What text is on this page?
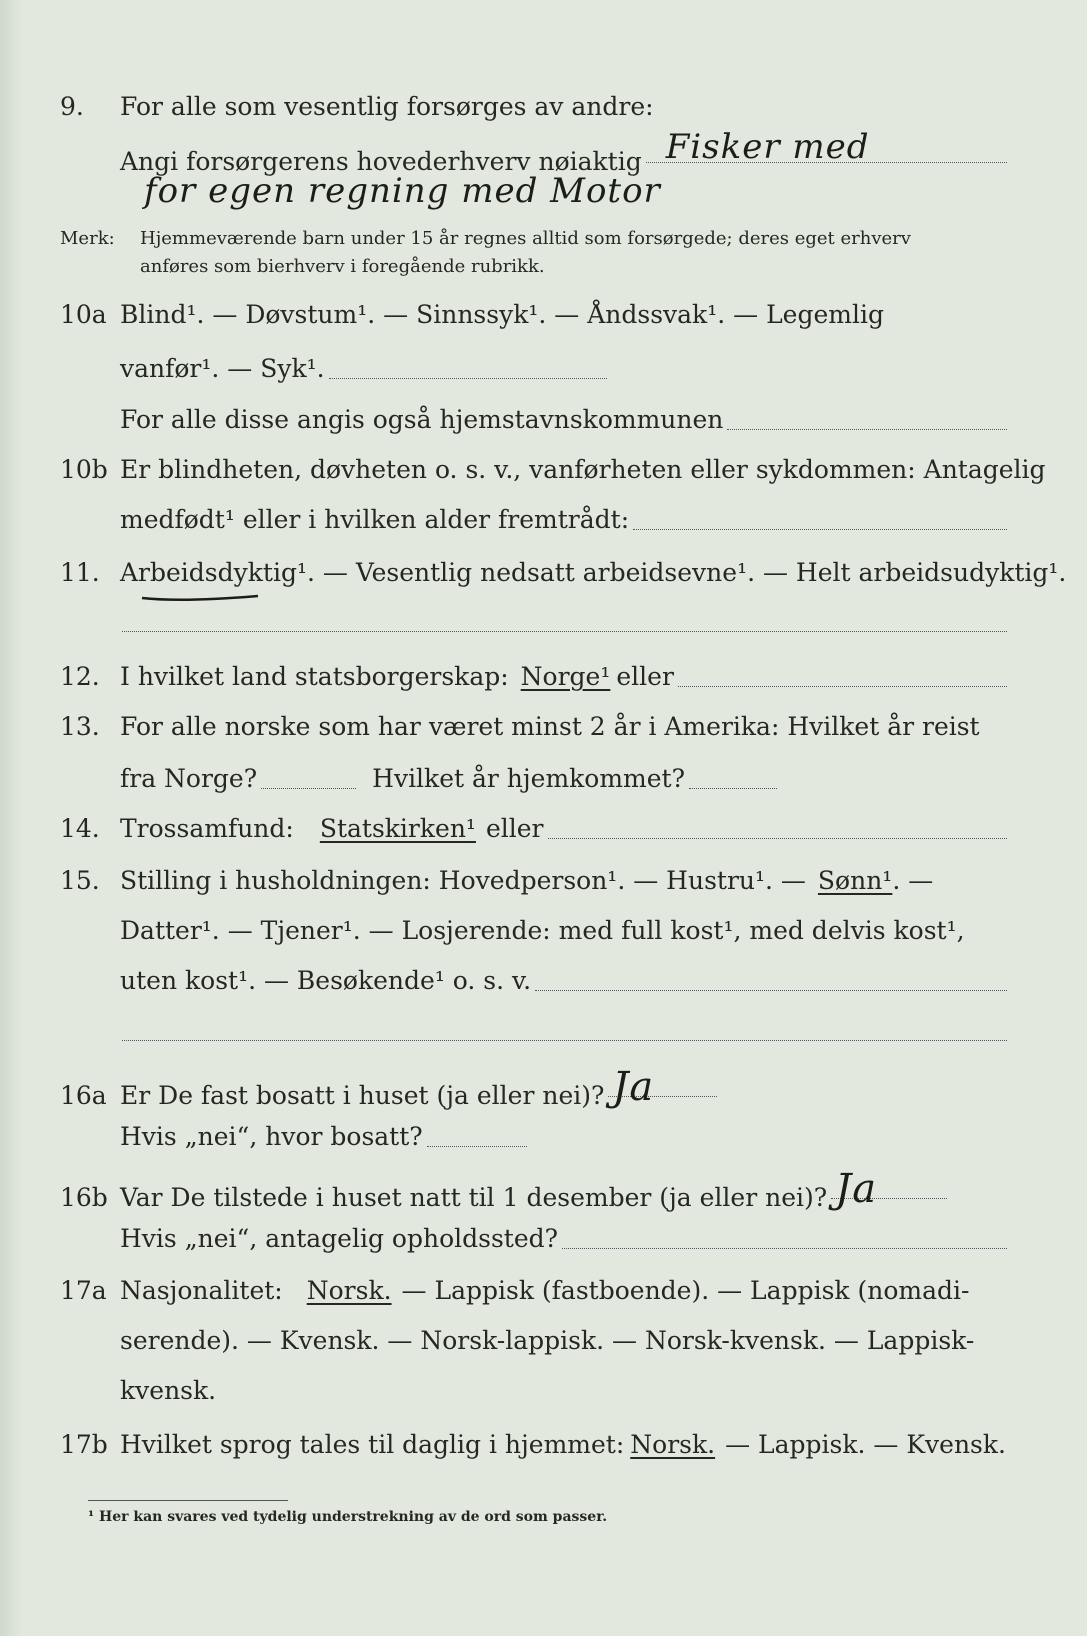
9.	For alle som vesentlig forsørges av andre:
Angi forsørgerens hovederhverv nøiaktig Fisker med
for egen regning med Motor
Merk:	Hjemmeværende barn under 15 år regnes alltid som forsørgede; deres eget erhverv
anføres som bierhverv i foregående rubrikk.
10a Blind¹. — Døvstum¹. — Sinnssyk¹. — Åndssvak¹. — Legemlig
vanfør¹. — Syk¹.
For alle disse angis også hjemstavnskommunen
10b Er blindheten, døvheten o. s. v., vanførheten eller sykdommen: Antagelig
medfødt¹ eller i hvilken alder fremtrådt:
11. Arbeidsdyktig¹ . — Vesentlig nedsatt arbeidsevne¹. — Helt arbeidsudyktig¹.
12. I hvilket land statsborgerskap: Norge¹ eller
13. For alle norske som har været minst 2 år i Amerika: Hvilket år reist
fra Norge?	Hvilket år hjemkommet?
14. Trossamfund: Statskirken¹ eller
15. Stilling i husholdningen: Hovedperson¹. — Hustru¹. — Sønn¹ . —
Datter¹. — Tjener¹. — Losjerende: med full kost¹, med delvis kost¹,
uten kost¹. — Besøkende¹ o. s. v.
16a Er De fast bosatt i huset (ja eller nei)? Ja
Hvis „nei“, hvor bosatt?
16b Var De tilstede i huset natt til 1 desember (ja eller nei)? Ja
Hvis „nei“, antagelig opholdssted?
17a Nasjonalitet: Norsk. — Lappisk (fastboende). — Lappisk (nomadi-
serende). — Kvensk. — Norsk-lappisk. — Norsk-kvensk. — Lappisk-
kvensk.
17b Hvilket sprog tales til daglig i hjemmet: Norsk. — Lappisk. — Kvensk.
¹ Her kan svares ved tydelig understrekning av de ord som passer.
